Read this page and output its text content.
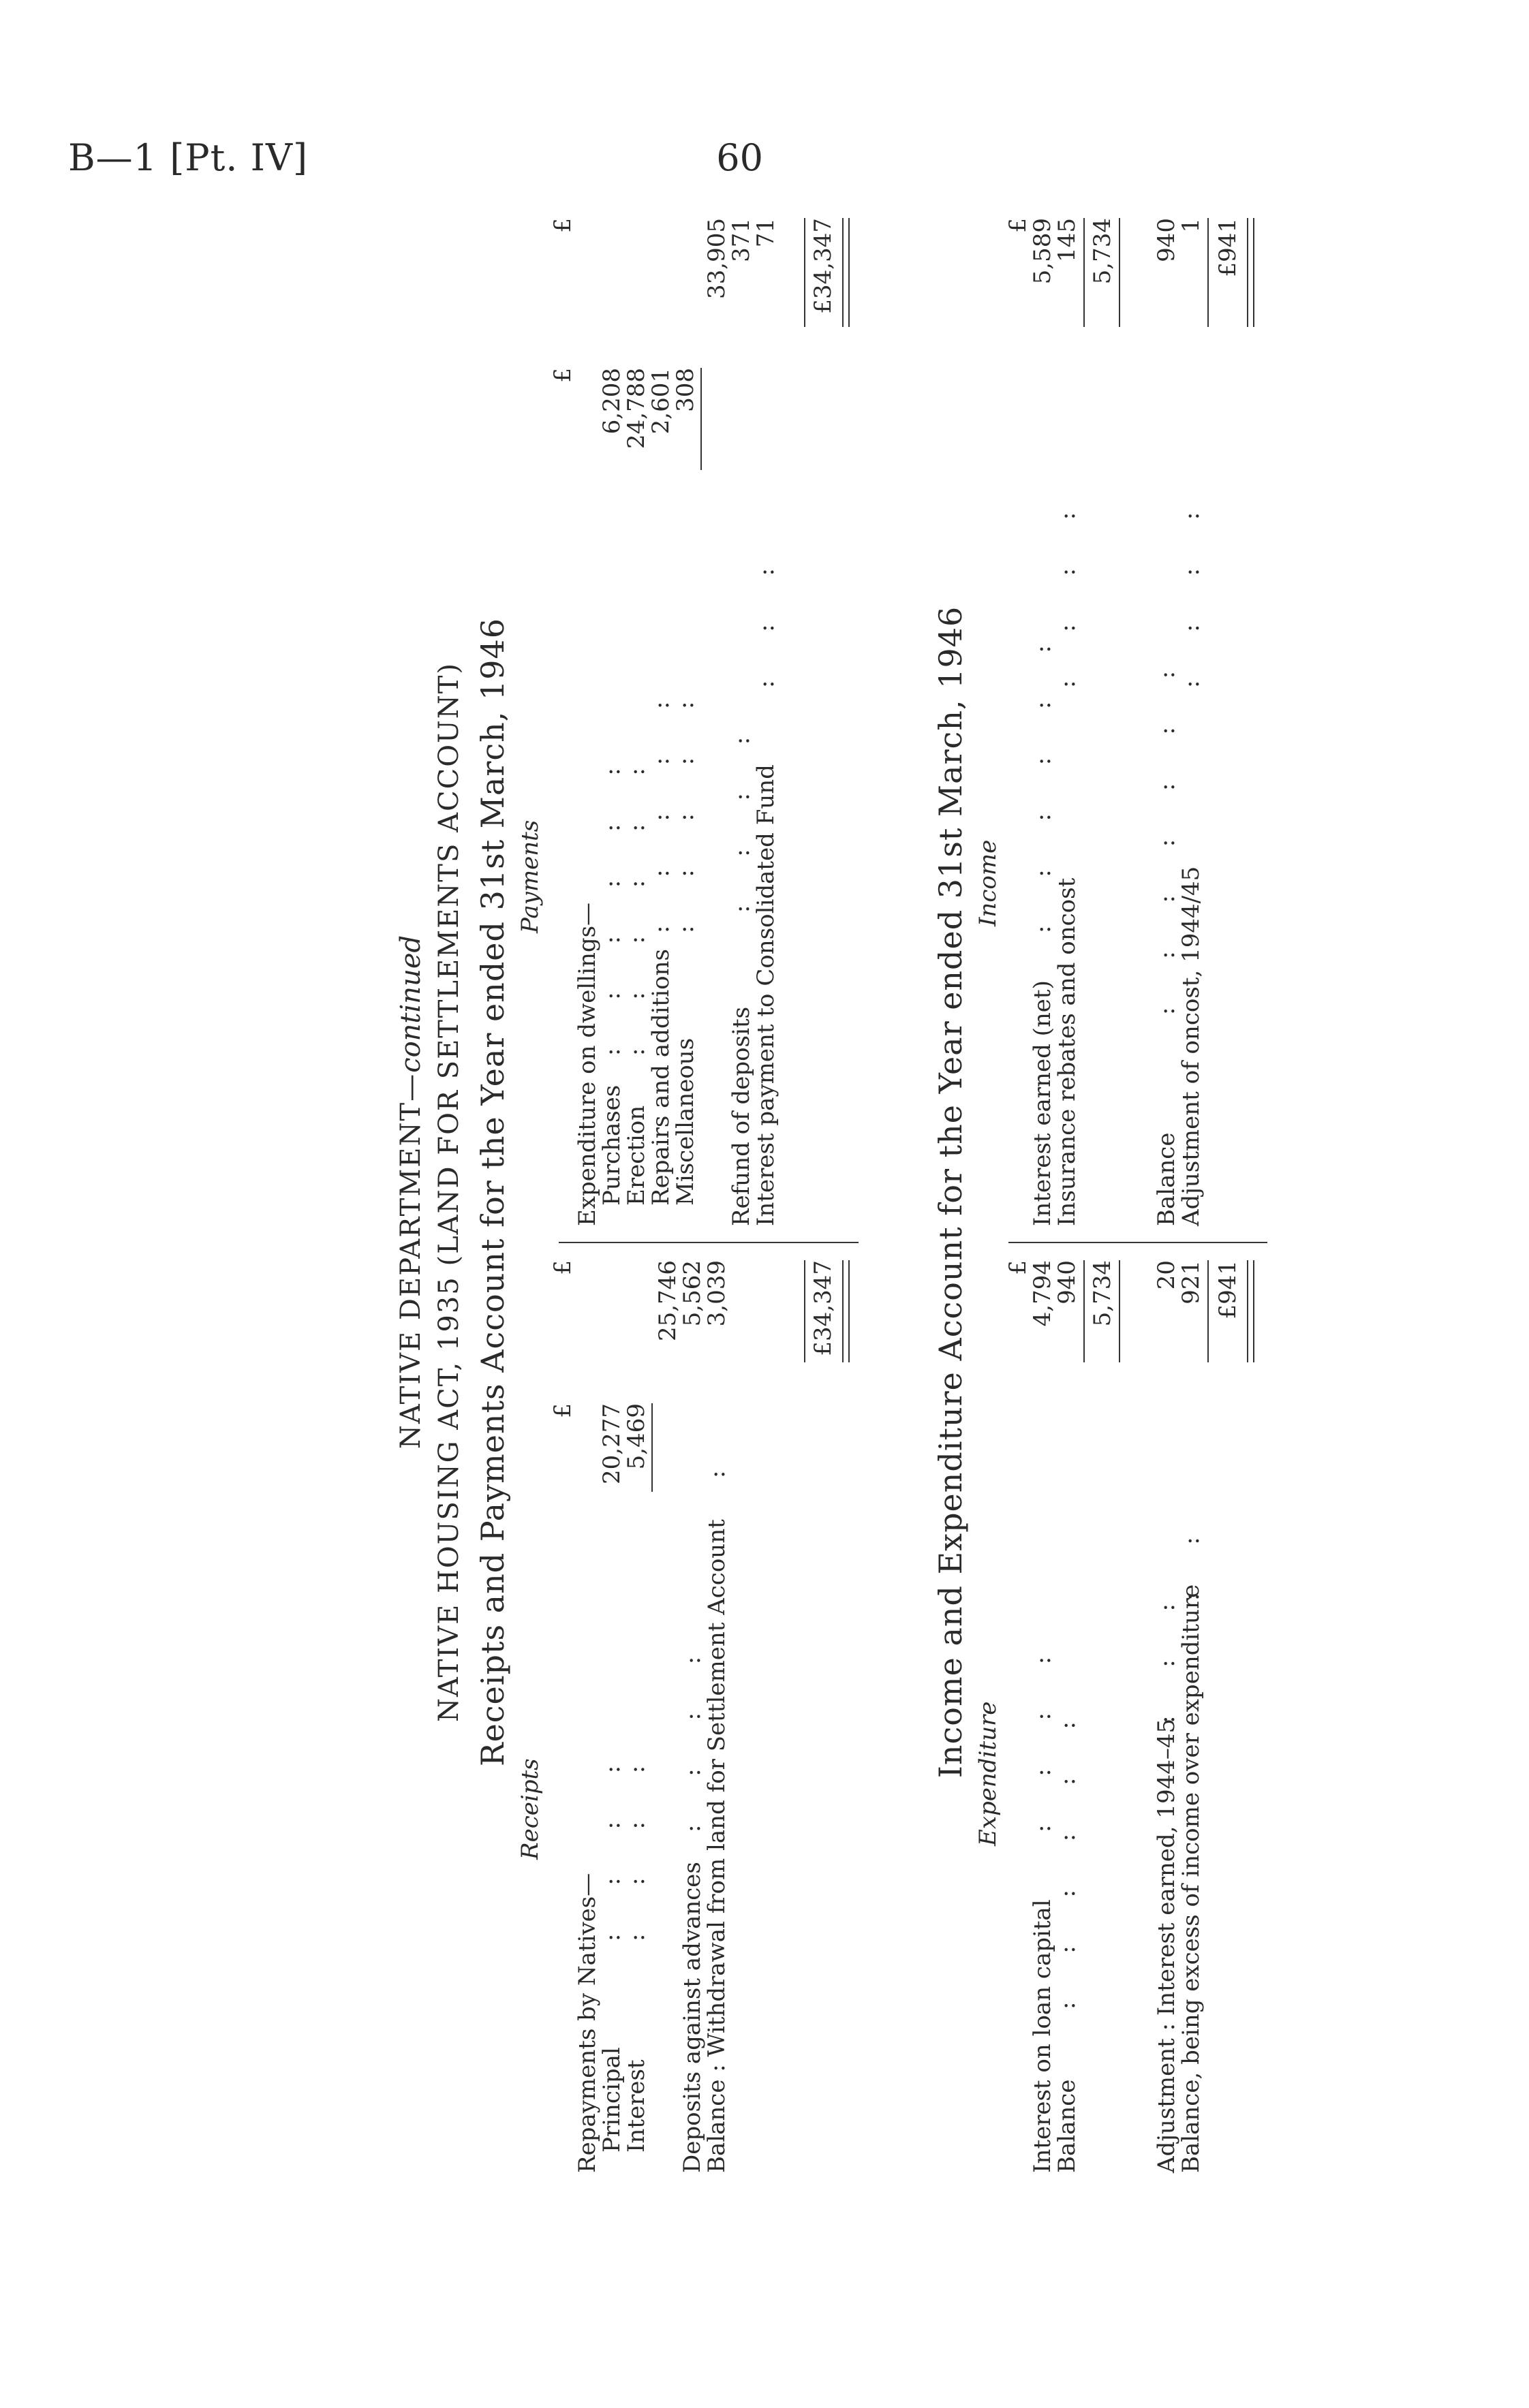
B—1 [Pt. IV]	60
NATIVE DEPARTMENT—continued NATIVE HOUSING ACT, 1935 (LAND FOR SETTLEMENTS ACCOUNT) Receipts and Payments Account for the Year ended 31st March, 1946
Receipts
Payments
£
£
£
£
Repayments by Natives—
Principal
: : : :
20,277
Interest
: : : :
5,469
25,746
Deposits against advances
: : : :
5,562
Balance : Withdrawal from land for Settlement Account
:
3,039	£34,347
Expenditure on dwellings—
Purchases
: : : : : :
6,208
Erection
: : : : : :
24,788
Repairs and additions
: : : : :
2,601
Miscellaneous
: : : : :
308
33,905
Refund of deposits
: : : :
371
Interest payment to Consolidated Fund
: : :
71 £34,347
Income and Expenditure Account for the Year ended 31st March, 1946 Expenditure
Income
£
£
Interest on loan capital
: : : :
4,794
Balance
: : : : : :
940 5,734
Adjustment : Interest earned, 1944–45
: : :
20
Balance, being excess of income over expenditure
: :
921 £941
Interest earned (net)
: : : : : :
5,589
Insurance rebates and oncost
: : : :
145 5,734
Balance
: : : : : : :
940
Adjustment of oncost, 1944/45
: : : :
1 £941
